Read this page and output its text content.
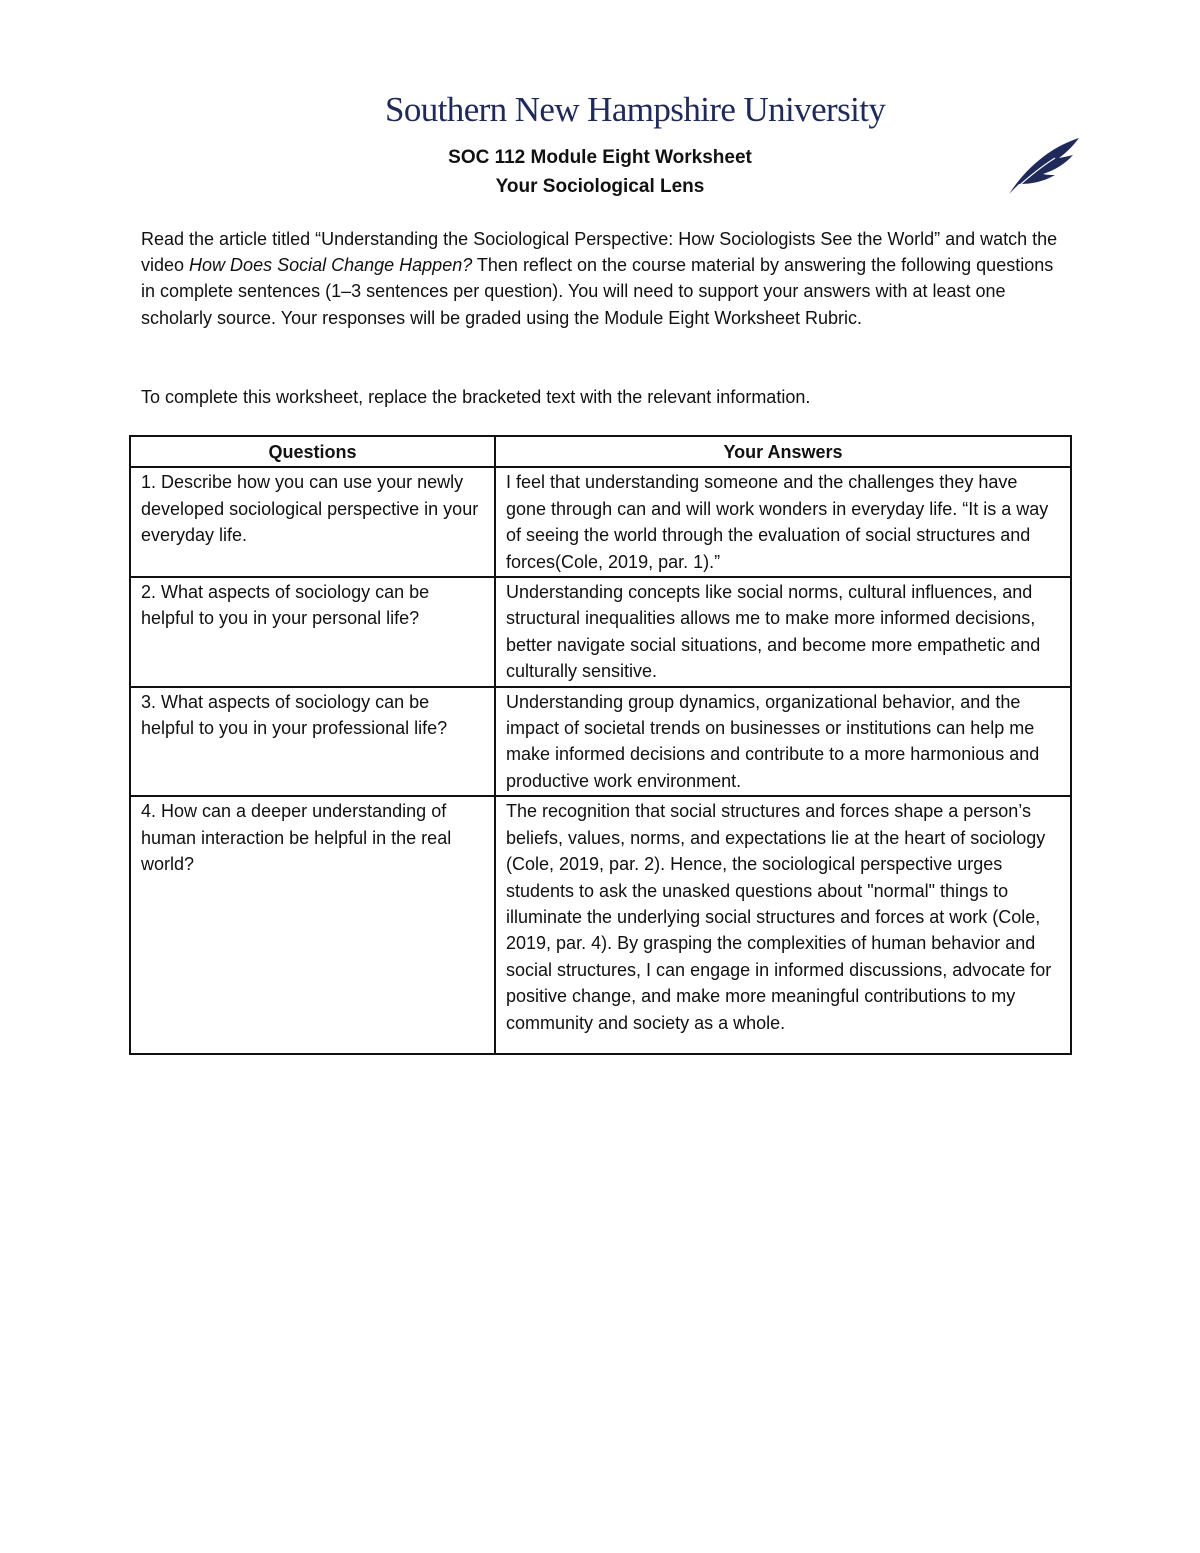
Southern New Hampshire University
SOC 112 Module Eight Worksheet
Your Sociological Lens

Read the article titled “Understanding the Sociological Perspective: How Sociologists See the World” and watch the video How Does Social Change Happen? Then reflect on the course material by answering the following questions in complete sentences (1–3 sentences per question). You will need to support your answers with at least one scholarly source. Your responses will be graded using the Module Eight Worksheet Rubric.

To complete this worksheet, replace the bracketed text with the relevant information.
Questions	Your Answers
1. Describe how you can use your newly developed sociological perspective in your everyday life.	I feel that understanding someone and the challenges they have gone through can and will work wonders in everyday life. “It is a way of seeing the world through the evaluation of social structures and forces(Cole, 2019, par. 1).”
2. What aspects of sociology can be helpful to you in your personal life?	Understanding concepts like social norms, cultural influences, and structural inequalities allows me to make more informed decisions, better navigate social situations, and become more empathetic and culturally sensitive.
3. What aspects of sociology can be helpful to you in your professional life?	Understanding group dynamics, organizational behavior, and the impact of societal trends on businesses or institutions can help me make informed decisions and contribute to a more harmonious and productive work environment.
4. How can a deeper understanding of human interaction be helpful in the real world?	The recognition that social structures and forces shape a person’s beliefs, values, norms, and expectations lie at the heart of sociology (Cole, 2019, par. 2). Hence, the sociological perspective urges students to ask the unasked questions about "normal" things to illuminate the underlying social structures and forces at work (Cole, 2019, par. 4). By grasping the complexities of human behavior and social structures, I can engage in informed discussions, advocate for positive change, and make more meaningful contributions to my community and society as a whole.
